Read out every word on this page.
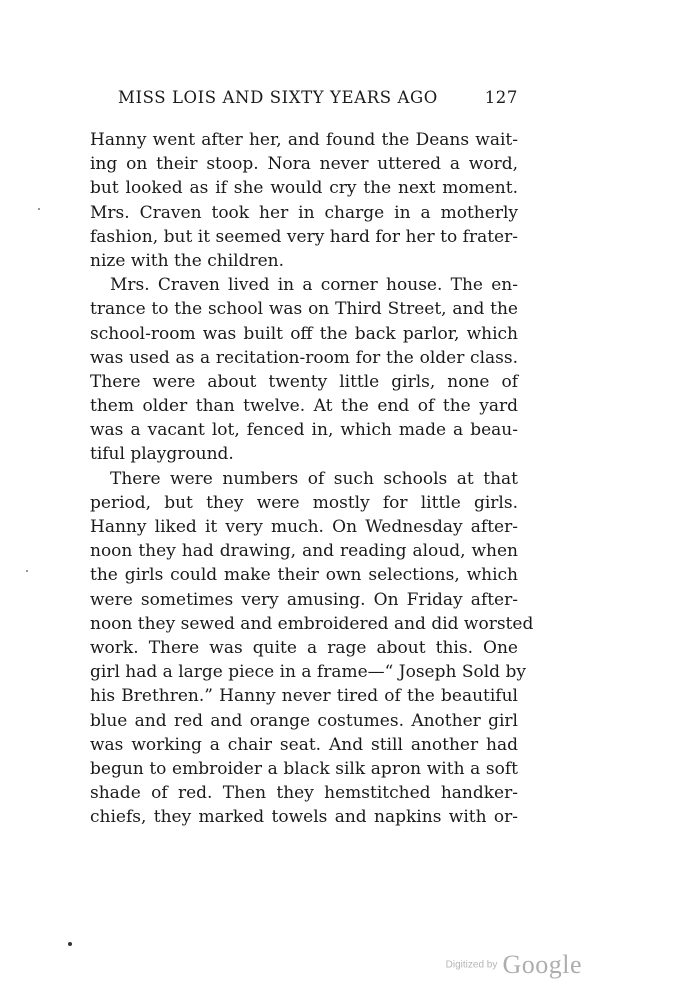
MISS LOIS AND SIXTY YEARS AGO	127
Hanny went after her, and found the Deans wait-
ing on their stoop. Nora never uttered a word,
but looked as if she would cry the next moment.
Mrs. Craven took her in charge in a motherly
fashion, but it seemed very hard for her to frater-
nize with the children.
Mrs. Craven lived in a corner house. The en-
trance to the school was on Third Street, and the
school-room was built off the back parlor, which
was used as a recitation-room for the older class.
There were about twenty little girls, none of
them older than twelve. At the end of the yard
was a vacant lot, fenced in, which made a beau-
tiful playground.
There were numbers of such schools at that
period, but they were mostly for little girls.
Hanny liked it very much. On Wednesday after-
noon they had drawing, and reading aloud, when
the girls could make their own selections, which
were sometimes very amusing. On Friday after-
noon they sewed and embroidered and did worsted
work. There was quite a rage about this. One
girl had a large piece in a frame—“ Joseph Sold by
his Brethren.” Hanny never tired of the beautiful
blue and red and orange costumes. Another girl
was working a chair seat. And still another had
begun to embroider a black silk apron with a soft
shade of red. Then they hemstitched handker-
chiefs, they marked towels and napkins with or-
Digitized by Google
